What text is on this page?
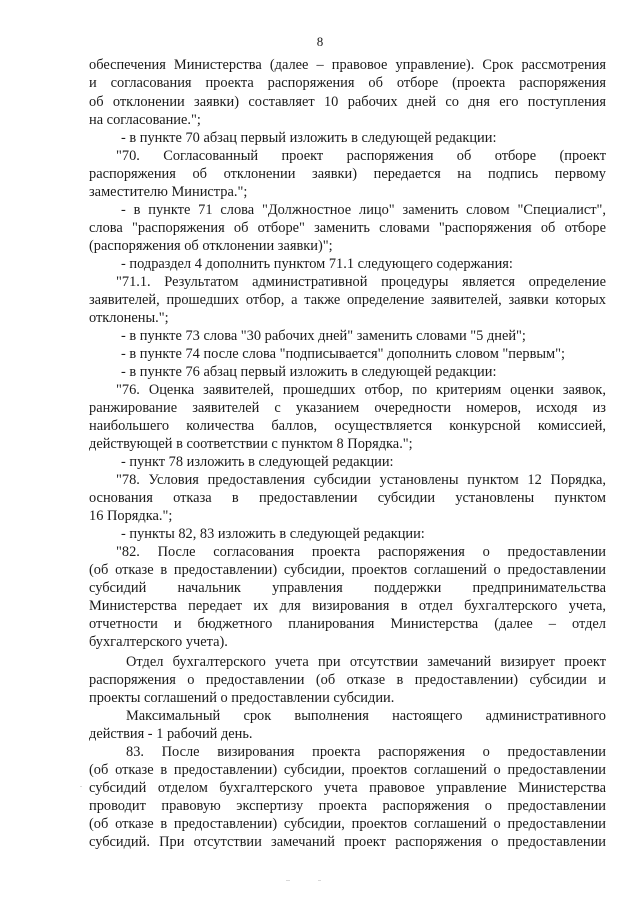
8
обеспечения Министерства (далее – правовое управление). Срок рассмотрения
и согласования проекта распоряжения об отборе (проекта распоряжения
об отклонении заявки) составляет 10 рабочих дней со дня его поступления
на согласование.";
- в пункте 70 абзац первый изложить в следующей редакции:
"70. Согласованный проект распоряжения об отборе (проект
распоряжения об отклонении заявки) передается на подпись первому
заместителю Министра.";
- в пункте 71 слова "Должностное лицо" заменить словом "Специалист",
слова "распоряжения об отборе" заменить словами "распоряжения об отборе
(распоряжения об отклонении заявки)";
- подраздел 4 дополнить пунктом 71.1 следующего содержания:
"71.1. Результатом административной процедуры является определение
заявителей, прошедших отбор, а также определение заявителей, заявки которых
отклонены.";
- в пункте 73 слова "30 рабочих дней" заменить словами "5 дней";
- в пункте 74 после слова "подписывается" дополнить словом "первым";
- в пункте 76 абзац первый изложить в следующей редакции:
"76. Оценка заявителей, прошедших отбор, по критериям оценки заявок,
ранжирование заявителей с указанием очередности номеров, исходя из
наибольшего количества баллов, осуществляется конкурсной комиссией,
действующей в соответствии с пунктом 8 Порядка.";
- пункт 78 изложить в следующей редакции:
"78. Условия предоставления субсидии установлены пунктом 12 Порядка,
основания отказа в предоставлении субсидии установлены пунктом
16 Порядка.";
- пункты 82, 83 изложить в следующей редакции:
"82. После согласования проекта распоряжения о предоставлении
(об отказе в предоставлении) субсидии, проектов соглашений о предоставлении
субсидий начальник управления поддержки предпринимательства
Министерства передает их для визирования в отдел бухгалтерского учета,
отчетности и бюджетного планирования Министерства (далее – отдел
бухгалтерского учета).
Отдел бухгалтерского учета при отсутствии замечаний визирует проект
распоряжения о предоставлении (об отказе в предоставлении) субсидии и
проекты соглашений о предоставлении субсидии.
Максимальный срок выполнения настоящего административного
действия - 1 рабочий день.
83. После визирования проекта распоряжения о предоставлении
(об отказе в предоставлении) субсидии, проектов соглашений о предоставлении
субсидий отделом бухгалтерского учета правовое управление Министерства
проводит правовую экспертизу проекта распоряжения о предоставлении
(об отказе в предоставлении) субсидии, проектов соглашений о предоставлении
субсидий. При отсутствии замечаний проект распоряжения о предоставлении
